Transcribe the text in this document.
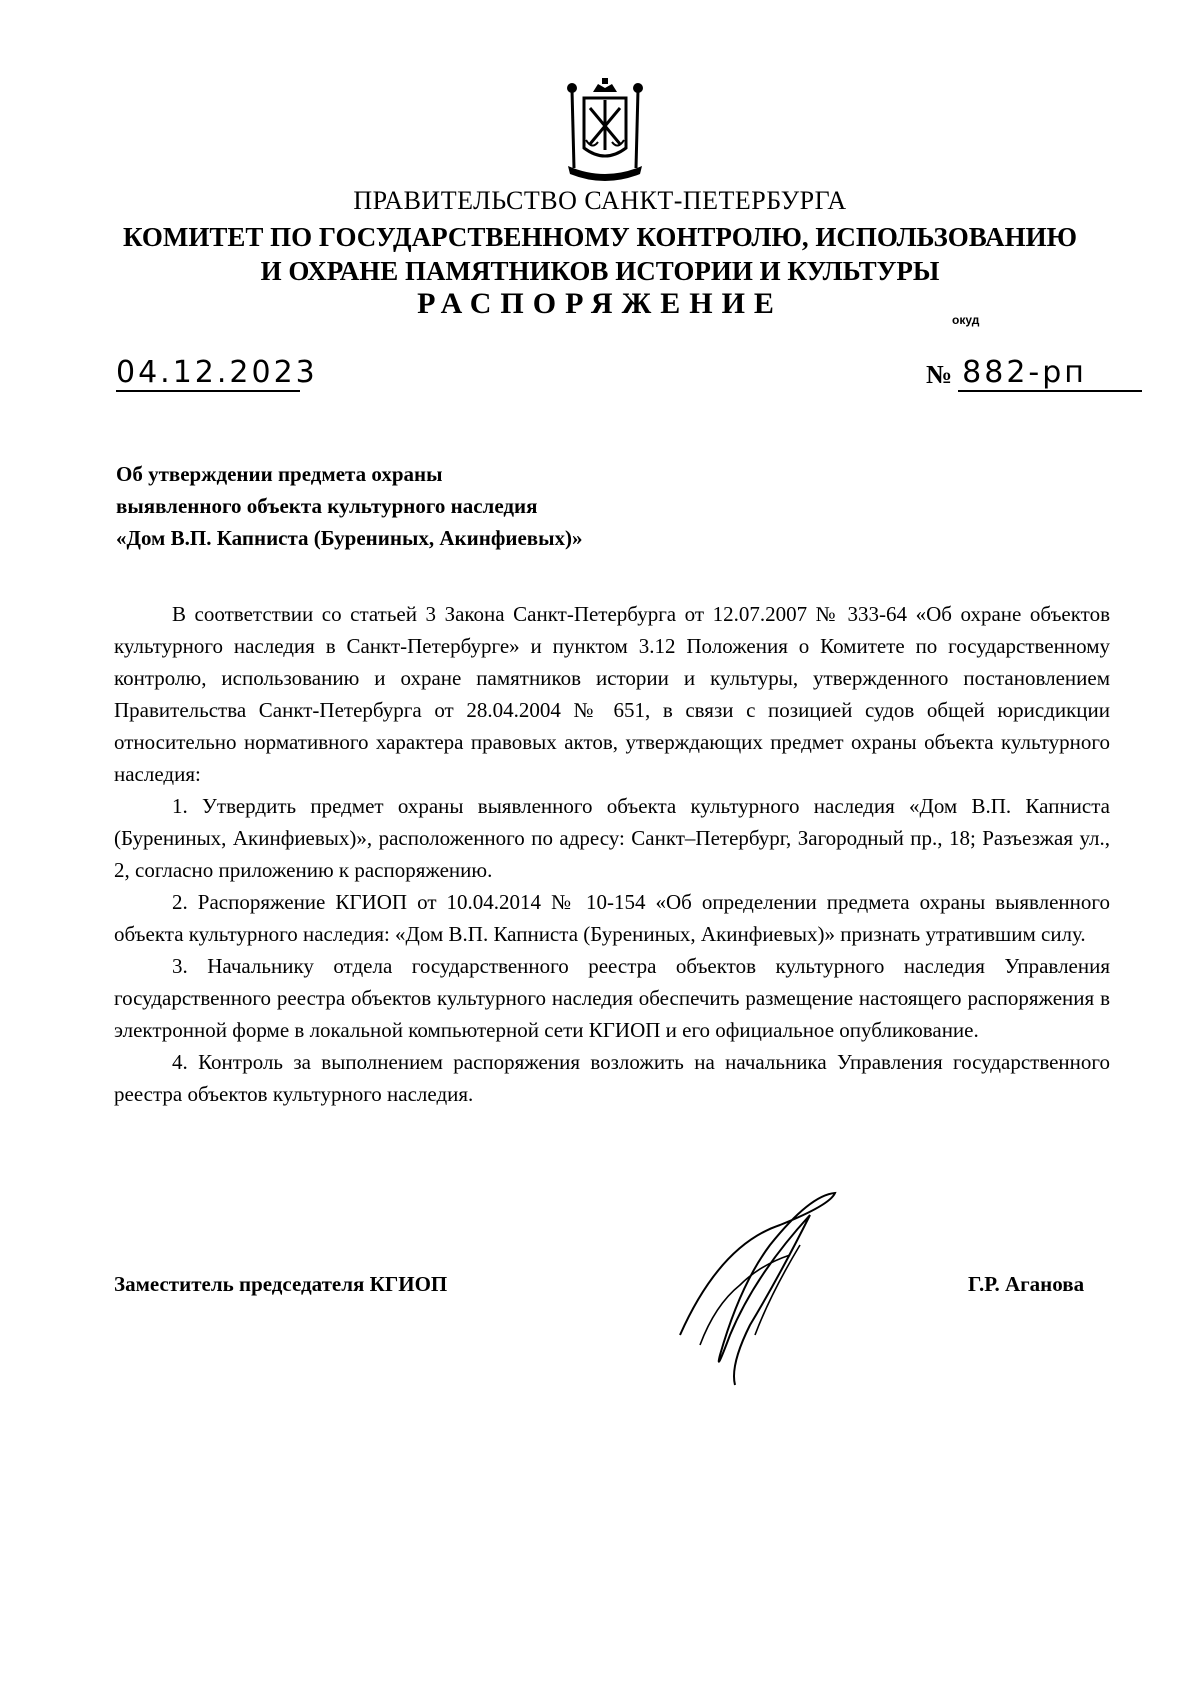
ПРАВИТЕЛЬСТВО САНКТ-ПЕТЕРБУРГА
КОМИТЕТ ПО ГОСУДАРСТВЕННОМУ КОНТРОЛЮ, ИСПОЛЬЗОВАНИЮ
И ОХРАНЕ ПАМЯТНИКОВ ИСТОРИИ И КУЛЬТУРЫ
РАСПОРЯЖЕНИЕ	окуд
04.12.2023	№ 882-рп
Об утверждении предмета охраны
выявленного объекта культурного наследия
«Дом В.П. Капниста (Бурениных, Акинфиевых)»

В соответствии со статьей 3 Закона Санкт-Петербурга от 12.07.2007 № 333-64 «Об охране объектов культурного наследия в Санкт-Петербурге» и пунктом 3.12 Положения о Комитете по государственному контролю, использованию и охране памятников истории и культуры, утвержденного постановлением Правительства Санкт-Петербурга от 28.04.2004 № 651, в связи с позицией судов общей юрисдикции относительно нормативного характера правовых актов, утверждающих предмет охраны объекта культурного наследия:

1. Утвердить предмет охраны выявленного объекта культурного наследия «Дом В.П. Капниста (Бурениных, Акинфиевых)», расположенного по адресу: Санкт–Петербург, Загородный пр., 18; Разъезжая ул., 2, согласно приложению к распоряжению.

2. Распоряжение КГИОП от 10.04.2014 № 10-154 «Об определении предмета охраны выявленного объекта культурного наследия: «Дом В.П. Капниста (Бурениных, Акинфиевых)» признать утратившим силу.

3. Начальнику отдела государственного реестра объектов культурного наследия Управления государственного реестра объектов культурного наследия обеспечить размещение настоящего распоряжения в электронной форме в локальной компьютерной сети КГИОП и его официальное опубликование.

4. Контроль за выполнением распоряжения возложить на начальника Управления государственного реестра объектов культурного наследия.

Заместитель председателя КГИОП	Г.Р. Аганова
